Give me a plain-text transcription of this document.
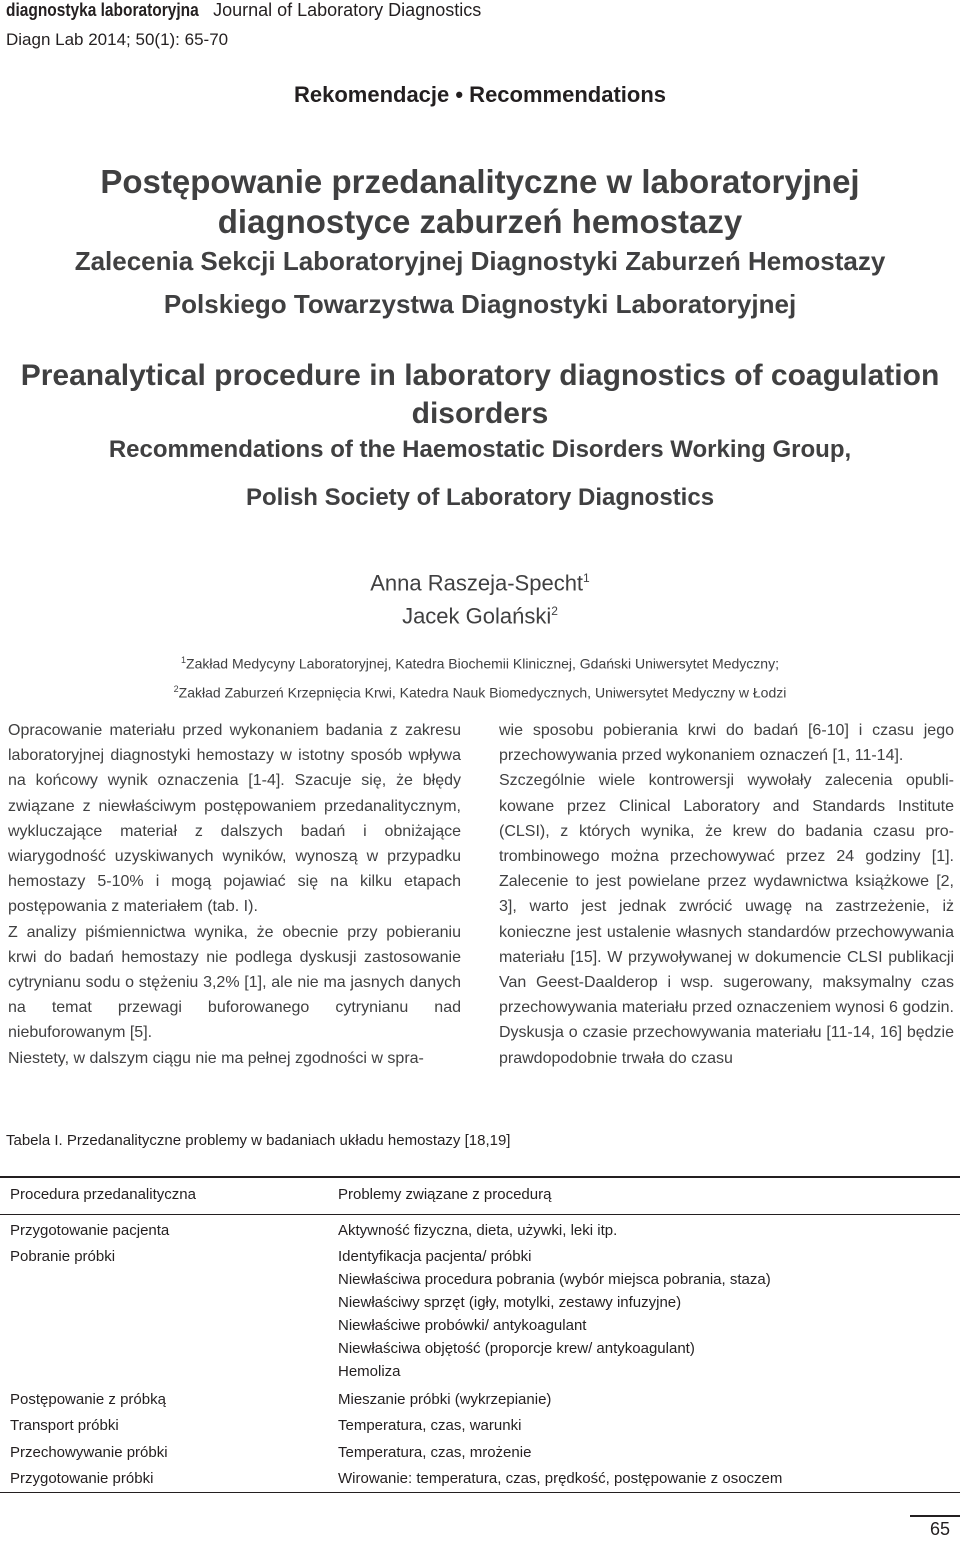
diagnostyka laboratoryjna Journal of Laboratory Diagnostics
Diagn Lab 2014; 50(1): 65-70
Rekomendacje • Recommendations
Postępowanie przedanalityczne w laboratoryjnej
diagnostyce zaburzeń hemostazy
Zalecenia Sekcji Laboratoryjnej Diagnostyki Zaburzeń Hemostazy
Polskiego Towarzystwa Diagnostyki Laboratoryjnej
Preanalytical procedure in laboratory diagnostics of coagulation
disorders
Recommendations of the Haemostatic Disorders Working Group,
Polish Society of Laboratory Diagnostics
Anna Raszeja-Specht$^1$
Jacek Golański$^2$
$^1$Zakład Medycyny Laboratoryjnej, Katedra Biochemii Klinicznej, Gdański Uniwersytet Medyczny;
$^2$Zakład Zaburzeń Krzepnięcia Krwi, Katedra Nauk Biomedycznych, Uniwersytet Medyczny w Łodzi

Opracowanie materiału przed wykonaniem badania z zakresu laboratoryjnej diagnostyki hemostazy w istotny sposób wpływa na końcowy wynik oznaczenia [1-4]. Szacuje się, że błędy związane z niewłaściwym postępowaniem przedanalitycznym, wykluczające materiał z dalszych badań i obniżające wiarygodność uzyskiwanych wyników, wynoszą w przypadku hemostazy 5-10% i mogą pojawiać się na kilku etapach postępowania z materiałem (tab. I).

Z analizy piśmiennictwa wynika, że obecnie przy pobieraniu krwi do badań hemostazy nie podlega dyskusji zastosowanie cytrynianu sodu o stężeniu 3,2% [1], ale nie ma jasnych danych na temat przewagi buforowanego cytrynianu nad niebuforowanym [5].

Niestety, w dalszym ciągu nie ma pełnej zgodności w spra-

wie sposobu pobierania krwi do badań [6-10] i czasu jego przechowywania przed wykonaniem oznaczeń [1, 11-14].

Szczególnie wiele kontrowersji wywołały zalecenia opublikowane przez Clinical Laboratory and Standards Institute (CLSI), z których wynika, że krew do badania czasu protrombinowego można przechowywać przez 24 godziny [1]. Zalecenie to jest powielane przez wydawnictwa książkowe [2, 3], warto jest jednak zwrócić uwagę na zastrzeżenie, iż konieczne jest ustalenie własnych standardów przechowywania materiału [15]. W przywoływanej w dokumencie CLSI publikacji Van Geest-Daalderop i wsp. sugerowany, maksymalny czas przechowywania materiału przed oznaczeniem wynosi 6 godzin. Dyskusja o czasie przechowywania materiału [11-14, 16] będzie prawdopodobnie trwała do czasu

Tabela I. Przedanalityczne problemy w badaniach układu hemostazy [18,19]
Procedura przedanalityczna	Problemy związane z procedurą
Przygotowanie pacjenta	Aktywność fizyczna, dieta, używki, leki itp.
Pobranie próbki	Identyfikacja pacjenta/ próbki
Niewłaściwa procedura pobrania (wybór miejsca pobrania, staza)
Niewłaściwy sprzęt (igły, motylki, zestawy infuzyjne)
Niewłaściwe probówki/ antykoagulant
Niewłaściwa objętość (proporcje krew/ antykoagulant)
Hemoliza
Postępowanie z próbką	Mieszanie próbki (wykrzepianie)
Transport próbki	Temperatura, czas, warunki
Przechowywanie próbki	Temperatura, czas, mrożenie
Przygotowanie próbki	Wirowanie: temperatura, czas, prędkość, postępowanie z osoczem
65
